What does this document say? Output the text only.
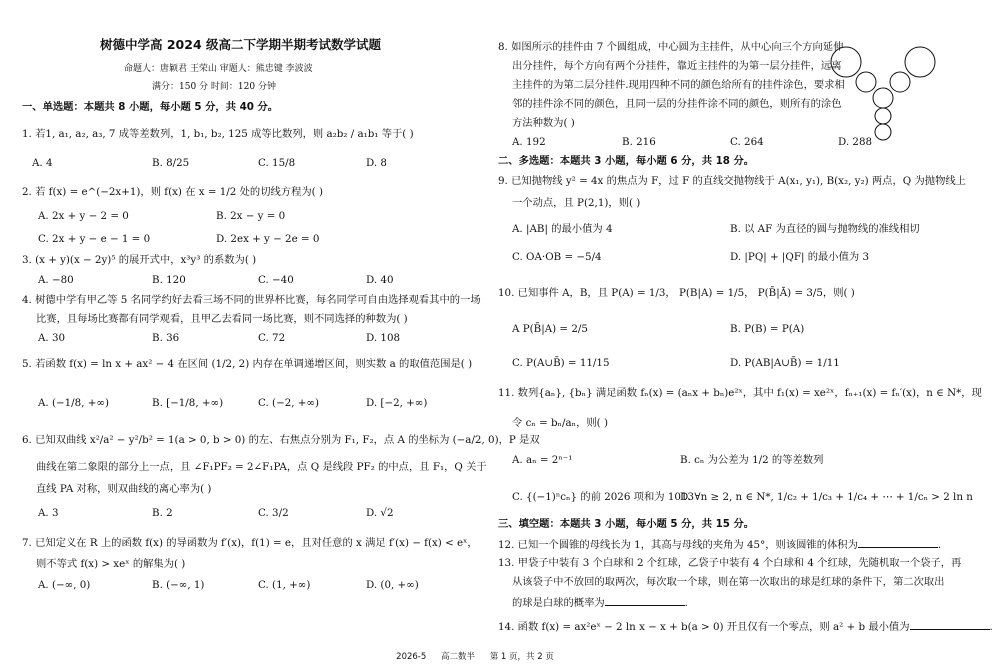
树德中学高 2024 级高二下学期半期考试数学试题
命题人：唐颖君 王荣山 审题人：熊忠键 李波波
满分：150 分 时间：120 分钟
一、单选题：本题共 8 小题，每小题 5 分，共 40 分。
1. 若1, a₁, a₂, a₃, 7 成等差数列，1, b₁, b₂, 125 成等比数列，则 a₂b₂ / a₁b₁ 等于( )
A. 4	B. 8/25	C. 15/8	D. 8
2. 若 f(x) = e^(−2x+1)，则 f(x) 在 x = 1/2 处的切线方程为( )
A. 2x + y − 2 = 0	B. 2x − y = 0
C. 2x + y − e − 1 = 0	D. 2ex + y − 2e = 0
3. (x + y)(x − 2y)⁵ 的展开式中，x³y³ 的系数为( )
A. −80	B. 120	C. −40	D. 40
4. 树德中学有甲乙等 5 名同学约好去看三场不同的世界杯比赛，每名同学可自由选择观看其中的一场
比赛，且每场比赛都有同学观看，且甲乙去看同一场比赛，则不同选择的种数为( )
A. 30	B. 36	C. 72	D. 108
5. 若函数 f(x) = ln x + ax² − 4 在区间 (1/2, 2) 内存在单调递增区间，则实数 a 的取值范围是( )
A. (−1/8, +∞)	B. [−1/8, +∞)	C. (−2, +∞)	D. [−2, +∞)
6. 已知双曲线 x²/a² − y²/b² = 1(a > 0, b > 0) 的左、右焦点分别为 F₁, F₂，点 A 的坐标为 (−a/2, 0)，P 是双
曲线在第二象限的部分上一点，且 ∠F₁PF₂ = 2∠F₁PA，点 Q 是线段 PF₂ 的中点，且 F₁，Q 关于
直线 PA 对称，则双曲线的离心率为( )
A. 3	B. 2	C. 3/2	D. √2
7. 已知定义在 R 上的函数 f(x) 的导函数为 f′(x)，f(1) = e，且对任意的 x 满足 f′(x) − f(x) < eˣ，
则不等式 f(x) > xeˣ 的解集为( )
A. (−∞, 0)	B. (−∞, 1)	C. (1, +∞)	D. (0, +∞)
8. 如图所示的挂件由 7 个圆组成，中心圆为主挂件，从中心向三个方向延伸
出分挂件，每个方向有两个分挂件，靠近主挂件的为第一层分挂件，远离
主挂件的为第二层分挂件.现用四种不同的颜色给所有的挂件涂色，要求相
邻的挂件涂不同的颜色，且同一层的分挂件涂不同的颜色，则所有的涂色
方法种数为( )
A. 192	B. 216	C. 264	D. 288
二、多选题：本题共 3 小题，每小题 6 分，共 18 分。
9. 已知抛物线 y² = 4x 的焦点为 F，过 F 的直线交抛物线于 A(x₁, y₁), B(x₂, y₂) 两点，Q 为抛物线上
一个动点，且 P(2,1)，则( )
A. |AB| 的最小值为 4	B. 以 AF 为直径的圆与抛物线的准线相切
C. OA·OB = −5/4	D. |PQ| + |QF| 的最小值为 3
10. 已知事件 A，B，且 P(A) = 1/3， P(B|A) = 1/5， P(B̄|Ā) = 3/5，则( )
A P(B̄|A) = 2/5	B. P(B) = P(A)
C. P(A∪B̄) = 11/15	D. P(AB|A∪B̄) = 1/11
11. 数列{aₙ}, {bₙ} 满足函数 fₙ(x) = (aₙx + bₙ)e²ˣ，其中 f₁(x) = xe²ˣ，fₙ₊₁(x) = fₙ′(x)，n ∈ N*，现
令 cₙ = bₙ/aₙ，则( )
A. aₙ = 2ⁿ⁻¹	B. cₙ 为公差为 1/2 的等差数列
C. {(−1)ⁿcₙ} 的前 2026 项和为 1013
D. ∀n ≥ 2, n ∈ N*, 1/c₂ + 1/c₃ + 1/c₄ + ⋯ + 1/cₙ > 2 ln n
三、填空题：本题共 3 小题，每小题 5 分，共 15 分。
12. 已知一个圆锥的母线长为 1，其高与母线的夹角为 45°，则该圆锥的体积为	.
13. 甲袋子中装有 3 个白球和 2 个红球，乙袋子中装有 4 个白球和 4 个红球，先随机取一个袋子，再
从该袋子中不放回的取两次，每次取一个球，则在第一次取出的球是红球的条件下，第二次取出
的球是白球的概率为	.
14. 函数 f(x) = ax²eˣ − 2 ln x − x + b(a > 0) 开且仅有一个零点，则 a² + b 最小值为	.
2026-5 高二数半 第 1 页，共 2 页
